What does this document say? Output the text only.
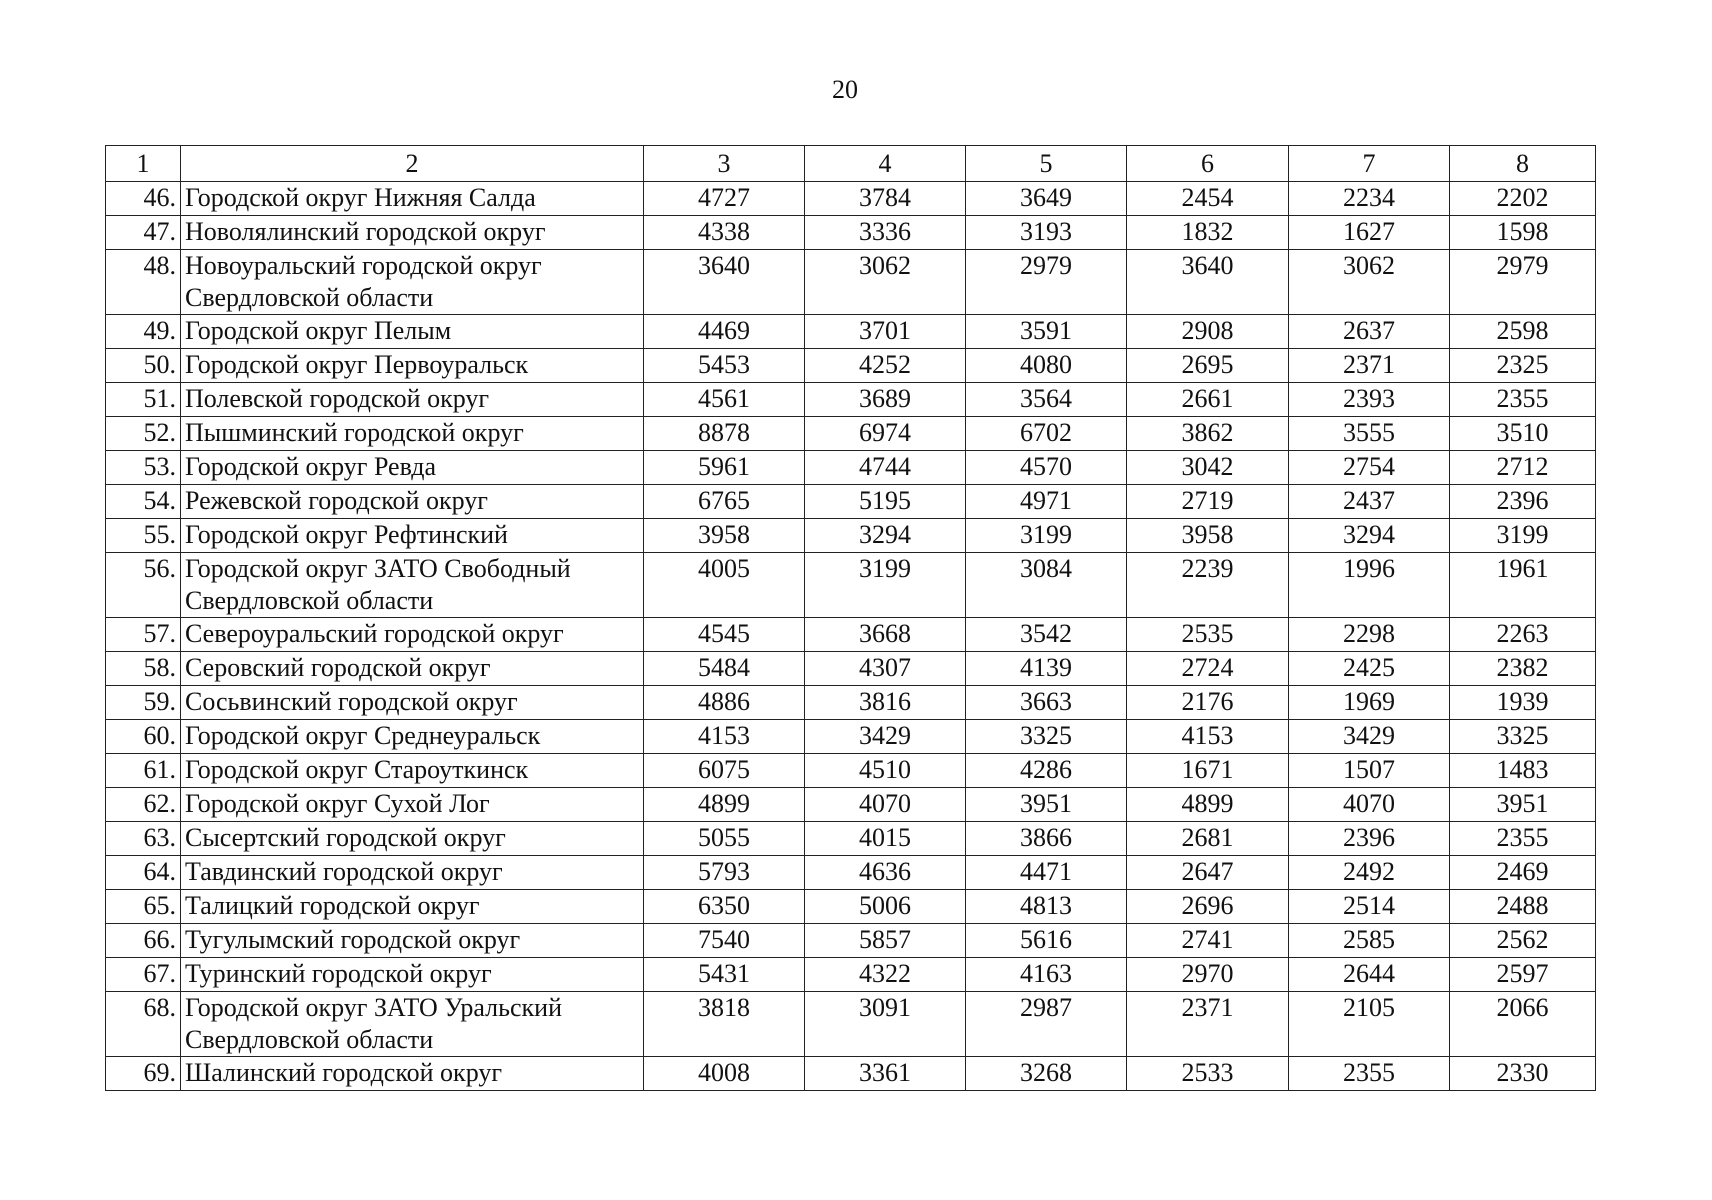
20
1	2	3	4	5	6	7	8
46.	Городской округ Нижняя Салда	4727	3784	3649	2454	2234	2202
47.	Новолялинский городской округ	4338	3336	3193	1832	1627	1598
48.	Новоуральский городской округ Свердловской области	3640	3062	2979	3640	3062	2979
49.	Городской округ Пелым	4469	3701	3591	2908	2637	2598
50.	Городской округ Первоуральск	5453	4252	4080	2695	2371	2325
51.	Полевской городской округ	4561	3689	3564	2661	2393	2355
52.	Пышминский городской округ	8878	6974	6702	3862	3555	3510
53.	Городской округ Ревда	5961	4744	4570	3042	2754	2712
54.	Режевской городской округ	6765	5195	4971	2719	2437	2396
55.	Городской округ Рефтинский	3958	3294	3199	3958	3294	3199
56.	Городской округ ЗАТО Свободный Свердловской области	4005	3199	3084	2239	1996	1961
57.	Североуральский городской округ	4545	3668	3542	2535	2298	2263
58.	Серовский городской округ	5484	4307	4139	2724	2425	2382
59.	Сосьвинский городской округ	4886	3816	3663	2176	1969	1939
60.	Городской округ Среднеуральск	4153	3429	3325	4153	3429	3325
61.	Городской округ Староуткинск	6075	4510	4286	1671	1507	1483
62.	Городской округ Сухой Лог	4899	4070	3951	4899	4070	3951
63.	Сысертский городской округ	5055	4015	3866	2681	2396	2355
64.	Тавдинский городской округ	5793	4636	4471	2647	2492	2469
65.	Талицкий городской округ	6350	5006	4813	2696	2514	2488
66.	Тугулымский городской округ	7540	5857	5616	2741	2585	2562
67.	Туринский городской округ	5431	4322	4163	2970	2644	2597
68.	Городской округ ЗАТО Уральский Свердловской области	3818	3091	2987	2371	2105	2066
69.	Шалинский городской округ	4008	3361	3268	2533	2355	2330
